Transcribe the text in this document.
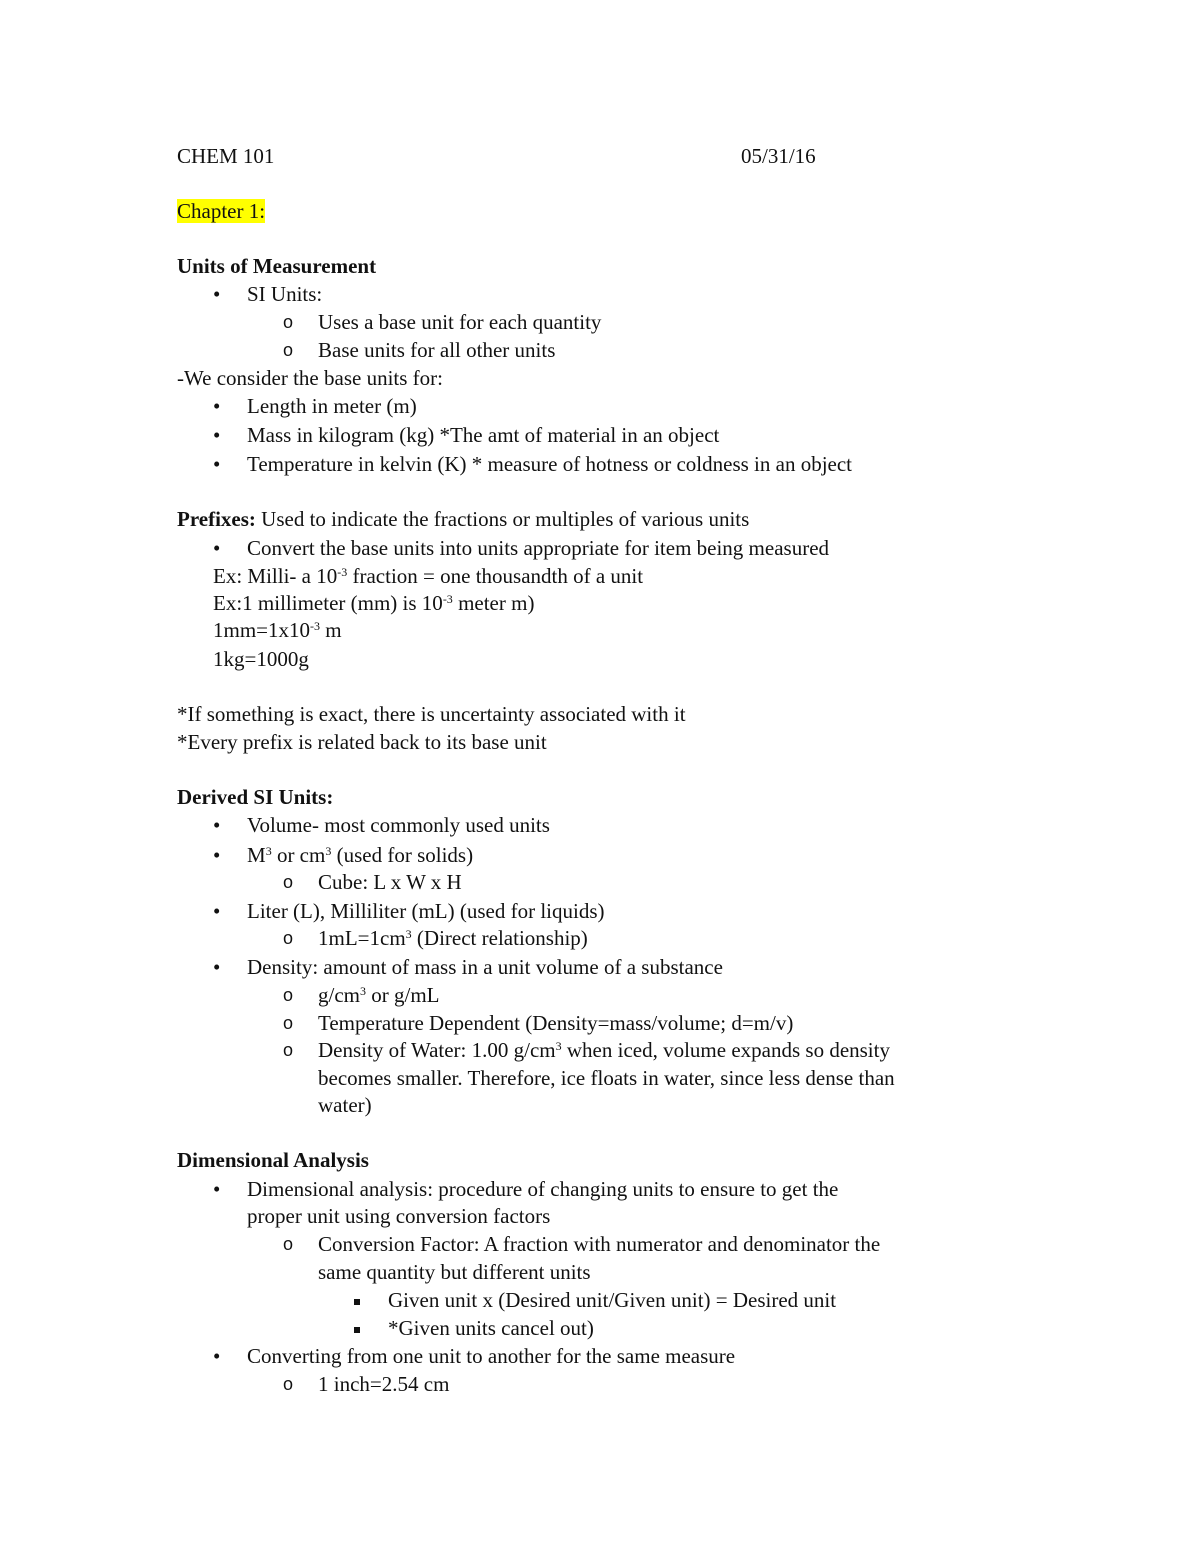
CHEM 101	05/31/16
Chapter 1:
Units of Measurement
• SI Units:
o Uses a base unit for each quantity
o Base units for all other units
-We consider the base units for:
• Length in meter (m)
• Mass in kilogram (kg) *The amt of material in an object
• Temperature in kelvin (K) * measure of hotness or coldness in an object
Prefixes: Used to indicate the fractions or multiples of various units
• Convert the base units into units appropriate for item being measured
Ex: Milli- a $10^{-3}$ fraction = one thousandth of a unit
Ex:1 millimeter (mm) is $10^{-3}$ meter m)
$1mm=1x10^{-3}$ m
1kg=1000g
*If something is exact, there is uncertainty associated with it
*Every prefix is related back to its base unit
Derived SI Units:
• Volume- most commonly used units
• $M^3$ or $cm^3$ (used for solids)
o Cube: L x W x H
• Liter (L), Milliliter (mL) (used for liquids)
o $1mL=1cm^3$ (Direct relationship)
• Density: amount of mass in a unit volume of a substance
o $g/cm^3$ or g/mL
o Temperature Dependent (Density=mass/volume; d=m/v)
o Density of Water: 1.00 $g/cm^3$ when iced, volume expands so density
becomes smaller. Therefore, ice floats in water, since less dense than
water)
Dimensional Analysis
• Dimensional analysis: procedure of changing units to ensure to get the
proper unit using conversion factors
o Conversion Factor: A fraction with numerator and denominator the
same quantity but different units
Given unit x (Desired unit/Given unit) = Desired unit
*Given units cancel out)
• Converting from one unit to another for the same measure
o 1 inch=2.54 cm
